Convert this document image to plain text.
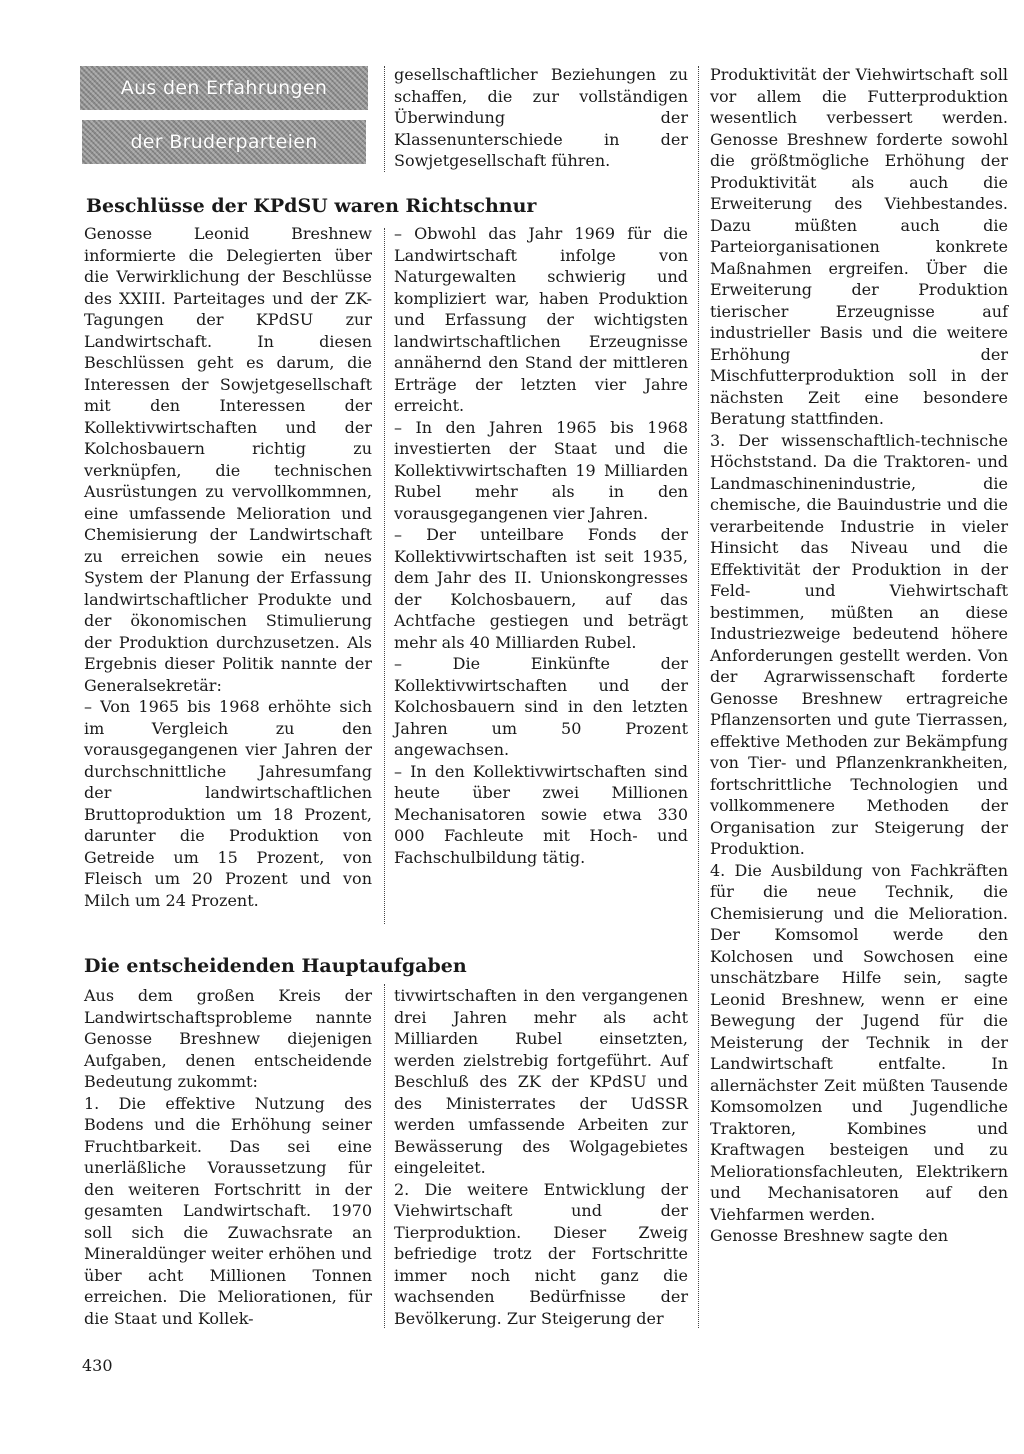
Aus den Erfahrungen
der Bruderparteien

gesellschaftlicher Beziehungen zu schaffen, die zur vollständigen Überwindung der Klassenunterschiede in der Sowjetgesellschaft führen.

Beschlüsse der KPdSU waren Richtschnur

Genosse Leonid Breshnew informierte die Delegierten über die Verwirklichung der Beschlüsse des XXIII. Parteitages und der ZK-Tagungen der KPdSU zur Landwirtschaft. In diesen Beschlüssen geht es darum, die Interessen der Sowjetgesellschaft mit den Interessen der Kollektivwirtschaften und der Kolchosbauern richtig zu verknüpfen, die technischen Ausrüstungen zu vervollkommnen, eine umfassende Melioration und Chemisierung der Landwirtschaft zu erreichen sowie ein neues System der Planung der Erfassung landwirtschaftlicher Produkte und der ökonomischen Stimulierung der Produktion durchzusetzen. Als Ergebnis dieser Politik nannte der Generalsekretär:

– Von 1965 bis 1968 erhöhte sich im Vergleich zu den vorausgegangenen vier Jahren der durchschnittliche Jahresumfang der landwirtschaftlichen Bruttoproduktion um 18 Prozent, darunter die Produktion von Getreide um 15 Prozent, von Fleisch um 20 Prozent und von Milch um 24 Prozent.

– Obwohl das Jahr 1969 für die Landwirtschaft infolge von Naturgewalten schwierig und kompliziert war, haben Produktion und Erfassung der wichtigsten landwirtschaftlichen Erzeugnisse annähernd den Stand der mittleren Erträge der letzten vier Jahre erreicht.

– In den Jahren 1965 bis 1968 investierten der Staat und die Kollektivwirtschaften 19 Milliarden Rubel mehr als in den vorausgegangenen vier Jahren.

– Der unteilbare Fonds der Kollektivwirtschaften ist seit 1935, dem Jahr des II. Unionskongresses der Kolchosbauern, auf das Achtfache gestiegen und beträgt mehr als 40 Milliarden Rubel.

– Die Einkünfte der Kollektivwirtschaften und der Kolchosbauern sind in den letzten Jahren um 50 Prozent angewachsen.

– In den Kollektivwirtschaften sind heute über zwei Millionen Mechanisatoren sowie etwa 330 000 Fachleute mit Hoch- und Fachschulbildung tätig.

Die entscheidenden Hauptaufgaben

Aus dem großen Kreis der Landwirtschaftsprobleme nannte Genosse Breshnew diejenigen Aufgaben, denen entscheidende Bedeutung zukommt:

1. Die effektive Nutzung des Bodens und die Erhöhung seiner Fruchtbarkeit. Das sei eine unerläßliche Voraussetzung für den weiteren Fortschritt in der gesamten Landwirtschaft. 1970 soll sich die Zuwachsrate an Mineraldünger weiter erhöhen und über acht Millionen Tonnen erreichen. Die Meliorationen, für die Staat und Kollek-

tivwirtschaften in den vergangenen drei Jahren mehr als acht Milliarden Rubel einsetzten, werden zielstrebig fortgeführt. Auf Beschluß des ZK der KPdSU und des Ministerrates der UdSSR werden umfassende Arbeiten zur Bewässerung des Wolgagebietes eingeleitet.

2. Die weitere Entwicklung der Viehwirtschaft und der Tierproduktion. Dieser Zweig befriedige trotz der Fortschritte immer noch nicht ganz die wachsenden Bedürfnisse der Bevölkerung. Zur Steigerung der

Produktivität der Viehwirtschaft soll vor allem die Futterproduktion wesentlich verbessert werden. Genosse Breshnew forderte sowohl die größtmögliche Erhöhung der Produktivität als auch die Erweiterung des Viehbestandes. Dazu müßten auch die Parteiorganisationen konkrete Maßnahmen ergreifen. Über die Erweiterung der Produktion tierischer Erzeugnisse auf industrieller Basis und die weitere Erhöhung der Mischfutterproduktion soll in der nächsten Zeit eine besondere Beratung stattfinden.

3. Der wissenschaftlich-technische Höchststand. Da die Traktoren- und Landmaschinenindustrie, die chemische, die Bauindustrie und die verarbeitende Industrie in vieler Hinsicht das Niveau und die Effektivität der Produktion in der Feld- und Viehwirtschaft bestimmen, müßten an diese Industriezweige bedeutend höhere Anforderungen gestellt werden. Von der Agrarwissenschaft forderte Genosse Breshnew ertragreiche Pflanzensorten und gute Tierrassen, effektive Methoden zur Bekämpfung von Tier- und Pflanzenkrankheiten, fortschrittliche Technologien und vollkommenere Methoden der Organisation zur Steigerung der Produktion.

4. Die Ausbildung von Fachkräften für die neue Technik, die Chemisierung und die Melioration. Der Komsomol werde den Kolchosen und Sowchosen eine unschätzbare Hilfe sein, sagte Leonid Breshnew, wenn er eine Bewegung der Jugend für die Meisterung der Technik in der Landwirtschaft entfalte. In allernächster Zeit müßten Tausende Komsomolzen und Jugendliche Traktoren, Kombines und Kraftwagen besteigen und zu Meliorationsfachleuten, Elektrikern und Mechanisatoren auf den Viehfarmen werden.

Genosse Breshnew sagte den

430
